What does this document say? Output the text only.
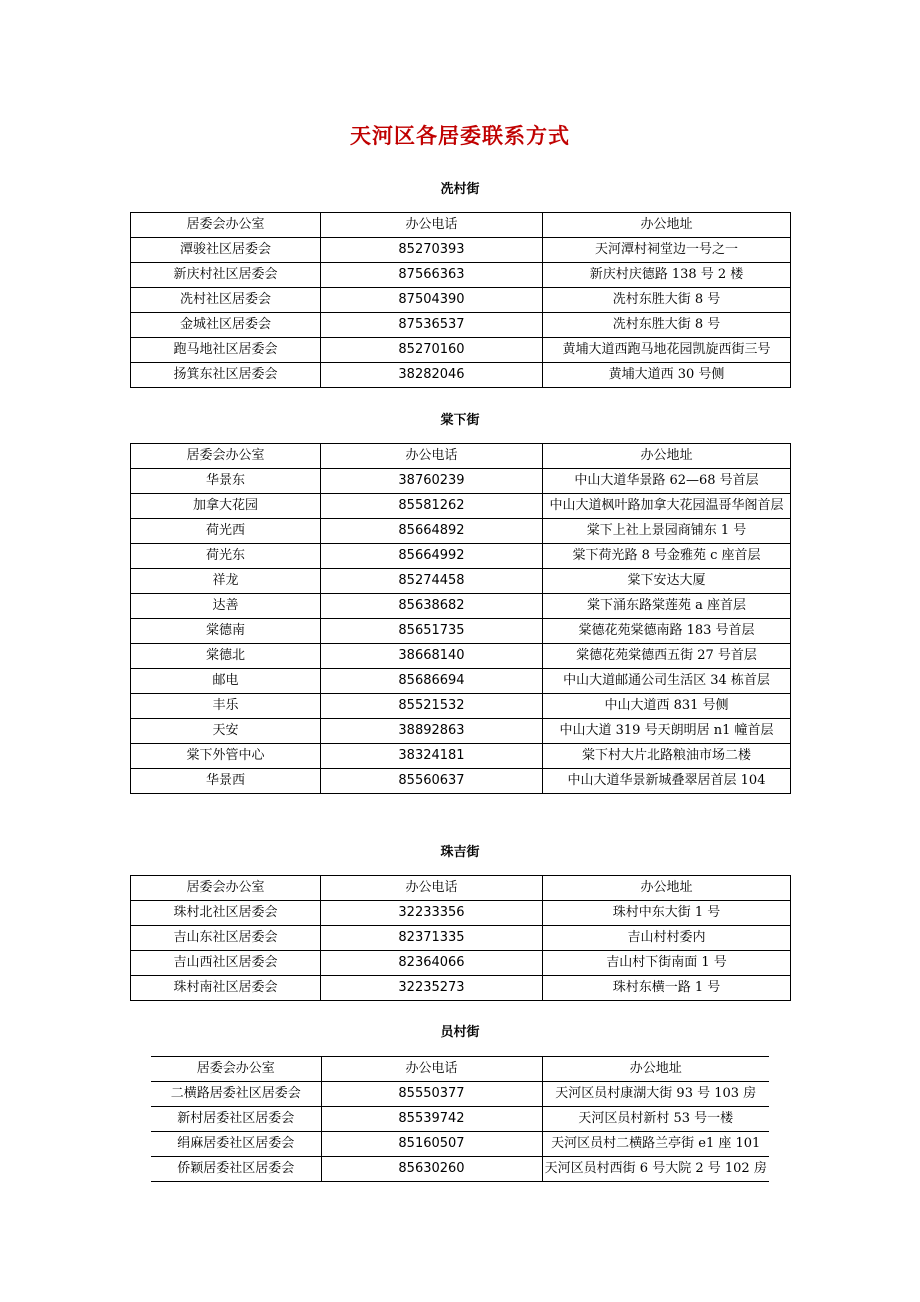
天河区各居委联系方式
冼村街
居委会办公室	办公电话	办公地址
潭骏社区居委会	85270393	天河潭村祠堂边一号之一
新庆村社区居委会	87566363	新庆村庆德路 138 号 2 楼
冼村社区居委会	87504390	冼村东胜大街 8 号
金城社区居委会	87536537	冼村东胜大街 8 号
跑马地社区居委会	85270160	黄埔大道西跑马地花园凯旋西街三号
扬箕东社区居委会	38282046	黄埔大道西 30 号侧
棠下街
居委会办公室	办公电话	办公地址
华景东	38760239	中山大道华景路 62—68 号首层
加拿大花园	85581262	中山大道枫叶路加拿大花园温哥华阁首层
荷光西	85664892	棠下上社上景园商铺东 1 号
荷光东	85664992	棠下荷光路 8 号金雅苑 c 座首层
祥龙	85274458	棠下安达大厦
达善	85638682	棠下涌东路棠莲苑 a 座首层
棠德南	85651735	棠德花苑棠德南路 183 号首层
棠德北	38668140	棠德花苑棠德西五街 27 号首层
邮电	85686694	中山大道邮通公司生活区 34 栋首层
丰乐	85521532	中山大道西 831 号侧
天安	38892863	中山大道 319 号天朗明居 n1 幢首层
棠下外管中心	38324181	棠下村大片北路粮油市场二楼
华景西	85560637	中山大道华景新城叠翠居首层 104
珠吉街
居委会办公室	办公电话	办公地址
珠村北社区居委会	32233356	珠村中东大街 1 号
吉山东社区居委会	82371335	吉山村村委内
吉山西社区居委会	82364066	吉山村下街南面 1 号
珠村南社区居委会	32235273	珠村东横一路 1 号
员村街
居委会办公室	办公电话	办公地址
二横路居委社区居委会	85550377	天河区员村康湖大街 93 号 103 房
新村居委社区居委会	85539742	天河区员村新村 53 号一楼
绢麻居委社区居委会	85160507	天河区员村二横路兰亭街 e1 座 101
侨颖居委社区居委会	85630260	天河区员村西街 6 号大院 2 号 102 房
